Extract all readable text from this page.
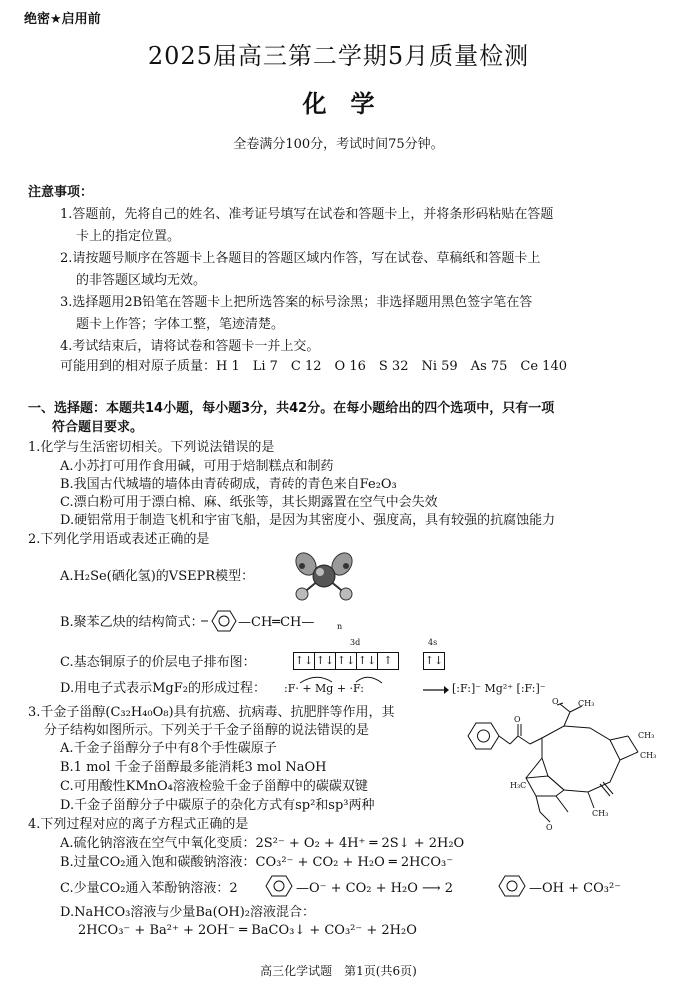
绝密★启用前
2025届高三第二学期5月质量检测
化　学
全卷满分100分，考试时间75分钟。
注意事项：
1.答题前，先将自己的姓名、准考证号填写在试卷和答题卡上，并将条形码粘贴在答题
卡上的指定位置。
2.请按题号顺序在答题卡上各题目的答题区域内作答，写在试卷、草稿纸和答题卡上
的非答题区域均无效。
3.选择题用2B铅笔在答题卡上把所选答案的标号涂黑；非选择题用黑色签字笔在答
题卡上作答；字体工整，笔迹清楚。
4.考试结束后，请将试卷和答题卡一并上交。
可能用到的相对原子质量：H 1　Li 7　C 12　O 16　S 32　Ni 59　As 75　Ce 140
一、选择题：本题共14小题，每小题3分，共42分。在每小题给出的四个选项中，只有一项
符合题目要求。
1.化学与生活密切相关。下列说法错误的是
A.小苏打可用作食用碱，可用于焙制糕点和制药
B.我国古代城墙的墙体由青砖砌成，青砖的青色来自Fe₂O₃
C.漂白粉可用于漂白棉、麻、纸张等，其长期露置在空气中会失效
D.硬铝常用于制造飞机和宇宙飞船，是因为其密度小、强度高，具有较强的抗腐蚀能力
2.下列化学用语或表述正确的是
A.H₂Se(硒化氢)的VSEPR模型：
B.聚苯乙炔的结构简式：	—CH═CH—	n
3d	4s
C.基态铜原子的价层电子排布图：	↑↓ ↑↓ ↑↓ ↑↓ ↑	↑↓
D.用电子式表示MgF₂的形成过程： :F· + Mg + ·F:	→ [:F:]⁻ Mg²⁺ [:F:]⁻
3.千金子甾醇(C₃₂H₄₀O₈)具有抗癌、抗病毒、抗肥胖等作用，其
分子结构如图所示。下列关于千金子甾醇的说法错误的是
A.千金子甾醇分子中有8个手性碳原子
B.1 mol 千金子甾醇最多能消耗3 mol NaOH
C.可用酸性KMnO₄溶液检验千金子甾醇中的碳碳双键
D.千金子甾醇分子中碳原子的杂化方式有sp²和sp³两种
CH₃
CH₃
CH₃
CH₃
H₃C
O
O
O
4.下列过程对应的离子方程式正确的是
A.硫化钠溶液在空气中氧化变质：2S²⁻ + O₂ + 4H⁺ ═ 2S↓ + 2H₂O
B.过量CO₂通入饱和碳酸钠溶液：CO₃²⁻ + CO₂ + H₂O ═ 2HCO₃⁻
C.少量CO₂通入苯酚钠溶液：2	—O⁻ + CO₂ + H₂O ⟶ 2	—OH + CO₃²⁻
D.NaHCO₃溶液与少量Ba(OH)₂溶液混合：
2HCO₃⁻ + Ba²⁺ + 2OH⁻ ═ BaCO₃↓ + CO₃²⁻ + 2H₂O
高三化学试题　第1页(共6页)
